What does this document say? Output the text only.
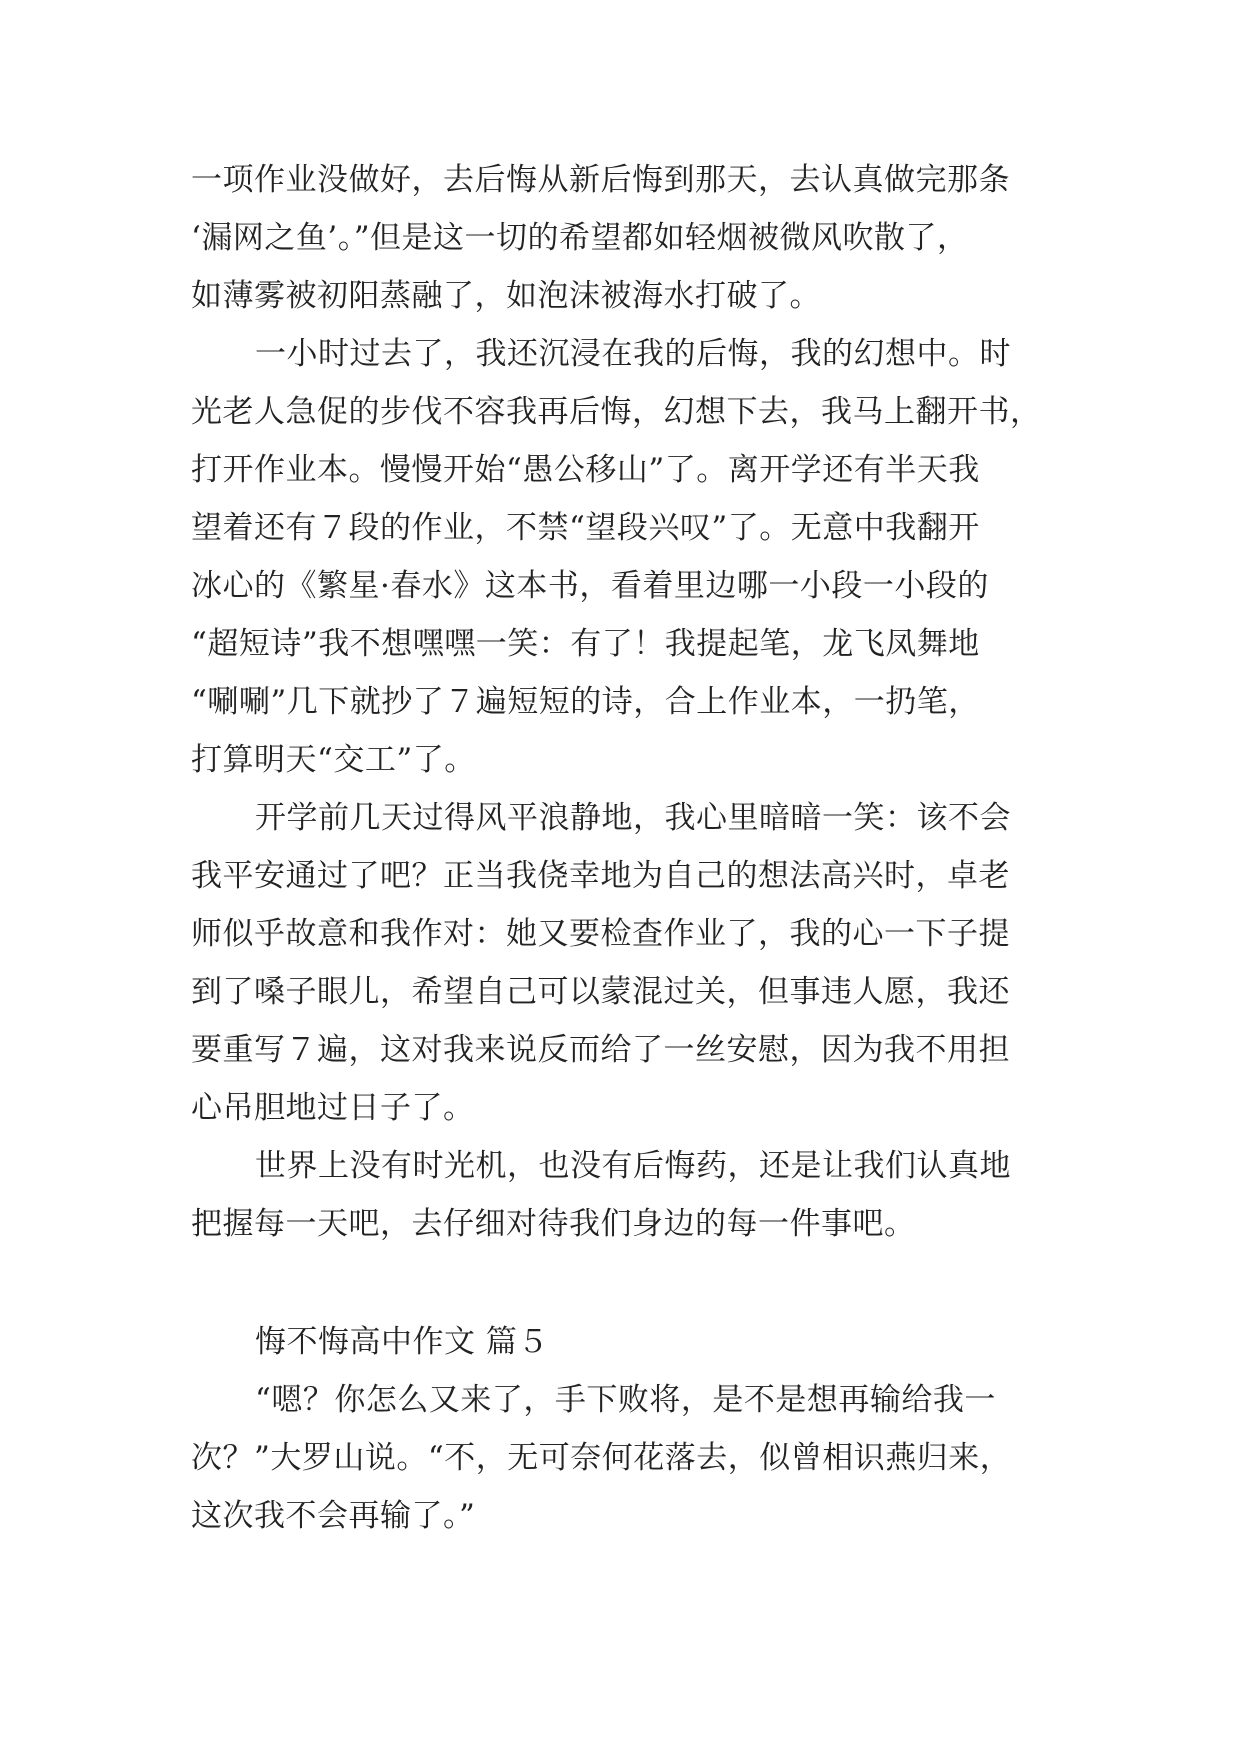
一项作业没做好，去后悔从新后悔到那天，去认真做完那条
‘漏网之鱼’。”但是这一切的希望都如轻烟被微风吹散了，
如薄雾被初阳蒸融了，如泡沫被海水打破了。
一小时过去了，我还沉浸在我的后悔，我的幻想中。时
光老人急促的步伐不容我再后悔，幻想下去，我马上翻开书，
打开作业本。慢慢开始“愚公移山”了。离开学还有半天我
望着还有７段的作业，不禁“望段兴叹”了。无意中我翻开
冰心的《繁星·春水》这本书，看着里边哪一小段一小段的
“超短诗”我不想嘿嘿一笑：有了！我提起笔，龙飞凤舞地
“唰唰”几下就抄了７遍短短的诗，合上作业本，一扔笔，
打算明天“交工”了。
开学前几天过得风平浪静地，我心里暗暗一笑：该不会
我平安通过了吧？正当我侥幸地为自己的想法高兴时，卓老
师似乎故意和我作对：她又要检查作业了，我的心一下子提
到了嗓子眼儿，希望自己可以蒙混过关，但事违人愿，我还
要重写７遍，这对我来说反而给了一丝安慰，因为我不用担
心吊胆地过日子了。
世界上没有时光机，也没有后悔药，还是让我们认真地
把握每一天吧，去仔细对待我们身边的每一件事吧。
悔不悔高中作文 篇５
“嗯？你怎么又来了，手下败将，是不是想再输给我一
次？”大罗山说。“不，无可奈何花落去，似曾相识燕归来，
这次我不会再输了。”
